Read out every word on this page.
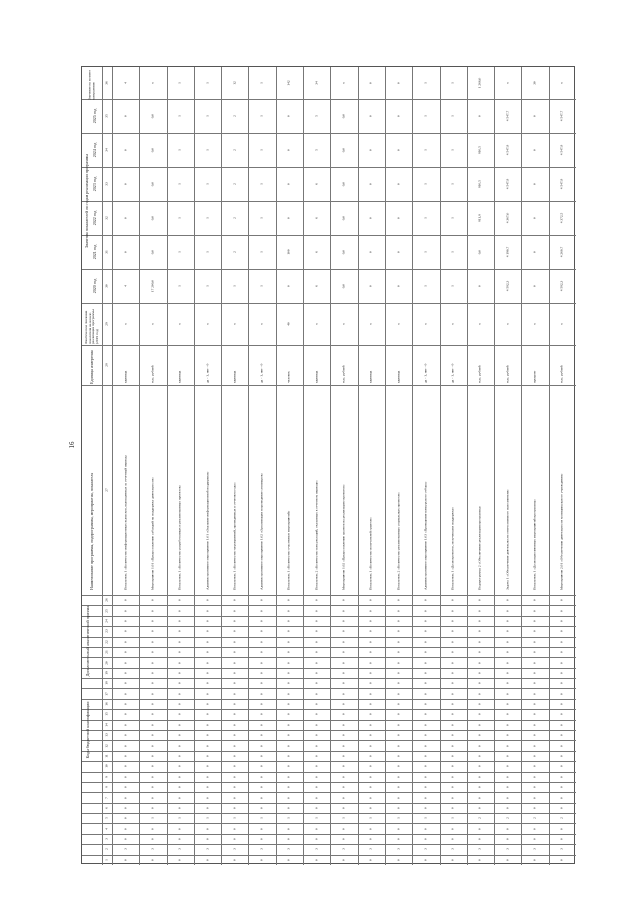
16
Коды бюджетной классификации
Дополнительный аналитический признак
Наименование программы, подпрограммы, мероприятия, показателя
Единица измерения
Фактическое значение показателя на начало реализации программы (2019 год)
Значения показателей по годам реализации программы
2020 год
2021 год
2022 год
2023 год
2024 год
2025 год
Значение на момент завершения
1
2
3
4
5
6
7
8
9
10
11
12
13
14
15
16
17
18
19
20
21
22
23
24
25
26
27
28
29
30
31
32
33
34
35
36
0
3
0
0
0
0
0
0
0
0
0
0
0
0
0
0
0
0
0
0
0
0
0
0
0
0
Показатель 1 «Количество информационных выпусков, выпущенных за отчетный период»
единица
х
4
0
0
0
0
0
4
0
3
0
0
1
0
0
0
0
0
0
0
0
0
0
0
0
0
0
0
0
0
0
0
0
0
Мероприятие 1.01 «Предоставление субсидий на поддержку деятельности»
тыс. рублей
х
17 200,0
0,0
0,0
0,0
0,0
0,0
х
0
3
0
0
1
0
0
0
0
0
0
0
0
0
0
0
0
0
0
0
0
0
0
0
0
0
Показатель 1 «Количество разработанных и реализованных проектов»
единица
х
1
1
1
1
1
1
1
0
3
0
0
1
0
0
0
0
0
0
0
0
0
0
0
0
0
0
0
0
0
0
0
0
0
Административное мероприятие 1.01 «Оказание информационной поддержки»
да - 1, нет - 0
х
1
1
1
1
1
1
1
0
3
0
0
1
0
0
0
0
0
0
0
0
0
0
0
0
0
0
0
0
0
0
0
0
0
Показатель 1 «Количество мероприятий, проведенных в отчетном году»
единица
х
1
2
2
2
2
2
12
0
3
0
0
1
0
0
0
0
0
0
0
0
0
0
0
0
0
0
0
0
0
0
0
0
0
Административное мероприятие 1.02 «Организация и проведение семинаров»
да - 1, нет - 0
х
1
1
1
1
1
1
1
0
3
0
0
1
0
0
0
0
0
0
0
0
0
0
0
0
0
0
0
0
0
0
0
0
0
Показатель 1 «Количество участников мероприятий»
человек
40
0
100
0
0
0
0
142
0
3
0
0
1
0
0
0
0
0
0
0
0
0
0
0
0
0
0
0
0
0
0
0
0
0
Показатель 2 «Количество консультаций, оказанных в отчетном периоде»
единица
х
6
6
6
6
5
5
34
0
3
0
0
1
0
0
0
0
0
0
0
0
0
0
0
0
0
0
0
0
0
0
0
0
0
Мероприятие 1.02 «Предоставление грантов на реализацию проектов»
тыс. рублей
х
0,0
0,0
0,0
0,0
0,0
0,0
х
0
3
0
0
1
0
0
0
0
0
0
0
0
0
0
0
0
0
0
0
0
0
0
0
0
0
Показатель 1 «Количество получателей грантов»
единица
х
0
0
0
0
0
0
0
0
3
0
0
1
0
0
0
0
0
0
0
0
0
0
0
0
0
0
0
0
0
0
0
0
0
Показатель 2 «Количество реализованных социальных проектов»
единица
х
0
0
0
0
0
0
0
0
3
0
0
1
0
0
0
0
0
0
0
0
0
0
0
0
0
0
0
0
0
0
0
0
0
Административное мероприятие 1.03 «Проведение конкурсного отбора»
да - 1, нет - 0
х
1
1
1
1
1
1
1
0
3
0
0
1
0
0
0
0
0
0
0
0
0
0
0
0
0
0
0
0
0
0
0
0
0
Показатель 1 «Доля проектов, получивших поддержку»
да - 1, нет - 0
х
1
1
1
1
1
1
1
0
3
0
0
2
0
0
0
0
0
0
0
0
0
0
0
0
0
0
0
0
0
0
0
0
0
Подпрограмма 2 «Обеспечение реализации программы»
тыс. рублей
х
0
0,0
811,8
810,5
810,5
0
1 266,0
0
3
0
0
2
0
0
0
0
0
0
0
0
0
0
0
0
0
0
0
0
0
0
0
0
0
Задача 1 «Обеспечение деятельности ответственного исполнителя»
тыс. рублей
х
4 582,3
4 190,7
4 367,0
4 547,8
4 547,8
4 547,7
х
0
3
0
0
2
0
0
0
0
0
0
0
0
0
0
0
0
0
0
0
0
0
0
0
0
0
Показатель 1 «Доля выполненных мероприятий программы»
процент
х
0
0
0
0
0
0
30
0
3
0
0
2
0
0
0
0
0
0
0
0
0
0
0
0
0
0
0
0
0
0
0
0
0
Мероприятие 2.01 «Обеспечение деятельности муниципального учреждения»
тыс. рублей
х
4 582,3
4 260,7
4 372,5
4 547,8
4 547,8
4 547,7
х
